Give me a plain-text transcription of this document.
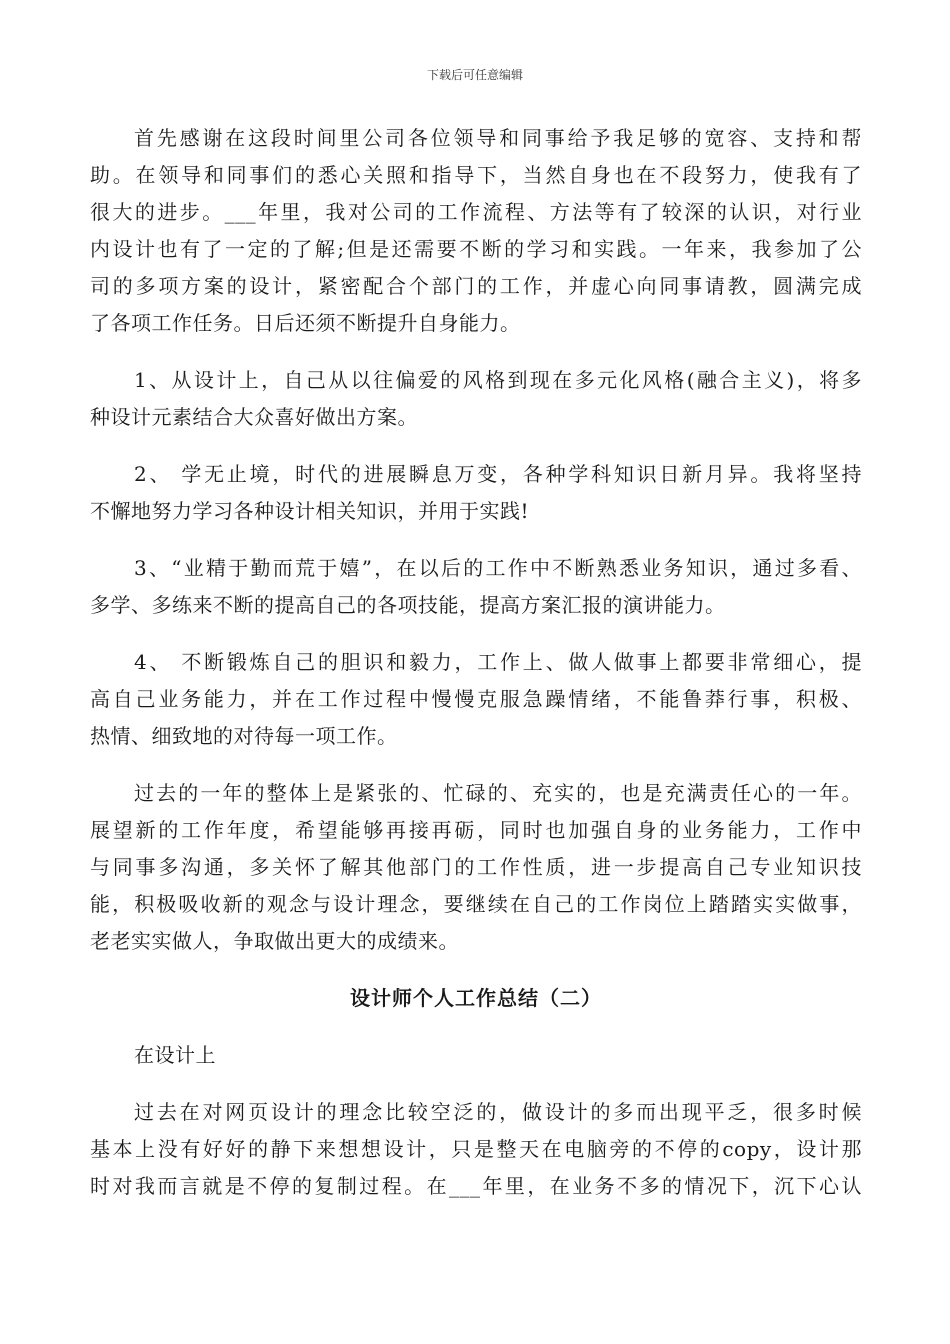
下载后可任意编辑
首先感谢在这段时间里公司各位领导和同事给予我足够的宽容、支持和帮
助。在领导和同事们的悉心关照和指导下，当然自身也在不段努力，使我有了
很大的进步。___年里，我对公司的工作流程、方法等有了较深的认识，对行业
内设计也有了一定的了解;但是还需要不断的学习和实践。一年来，我参加了公
司的多项方案的设计，紧密配合个部门的工作，并虚心向同事请教，圆满完成
了各项工作任务。日后还须不断提升自身能力。
1、从设计上，自己从以往偏爱的风格到现在多元化风格(融合主义)，将多
种设计元素结合大众喜好做出方案。
2、 学无止境，时代的进展瞬息万变，各种学科知识日新月异。我将坚持
不懈地努力学习各种设计相关知识，并用于实践!
3、“业精于勤而荒于嬉”，在以后的工作中不断熟悉业务知识，通过多看、
多学、多练来不断的提高自己的各项技能，提高方案汇报的演讲能力。
4、 不断锻炼自己的胆识和毅力，工作上、做人做事上都要非常细心，提
高自己业务能力，并在工作过程中慢慢克服急躁情绪，不能鲁莽行事，积极、
热情、细致地的对待每一项工作。
过去的一年的整体上是紧张的、忙碌的、充实的，也是充满责任心的一年。
展望新的工作年度，希望能够再接再砺，同时也加强自身的业务能力，工作中
与同事多沟通，多关怀了解其他部门的工作性质，进一步提高自己专业知识技
能，积极吸收新的观念与设计理念，要继续在自己的工作岗位上踏踏实实做事，
老老实实做人，争取做出更大的成绩来。
设计师个人工作总结（二）
在设计上
过去在对网页设计的理念比较空泛的，做设计的多而出现平乏，很多时候
基本上没有好好的静下来想想设计，只是整天在电脑旁的不停的copy，设计那
时对我而言就是不停的复制过程。在___年里，在业务不多的情况下，沉下心认
